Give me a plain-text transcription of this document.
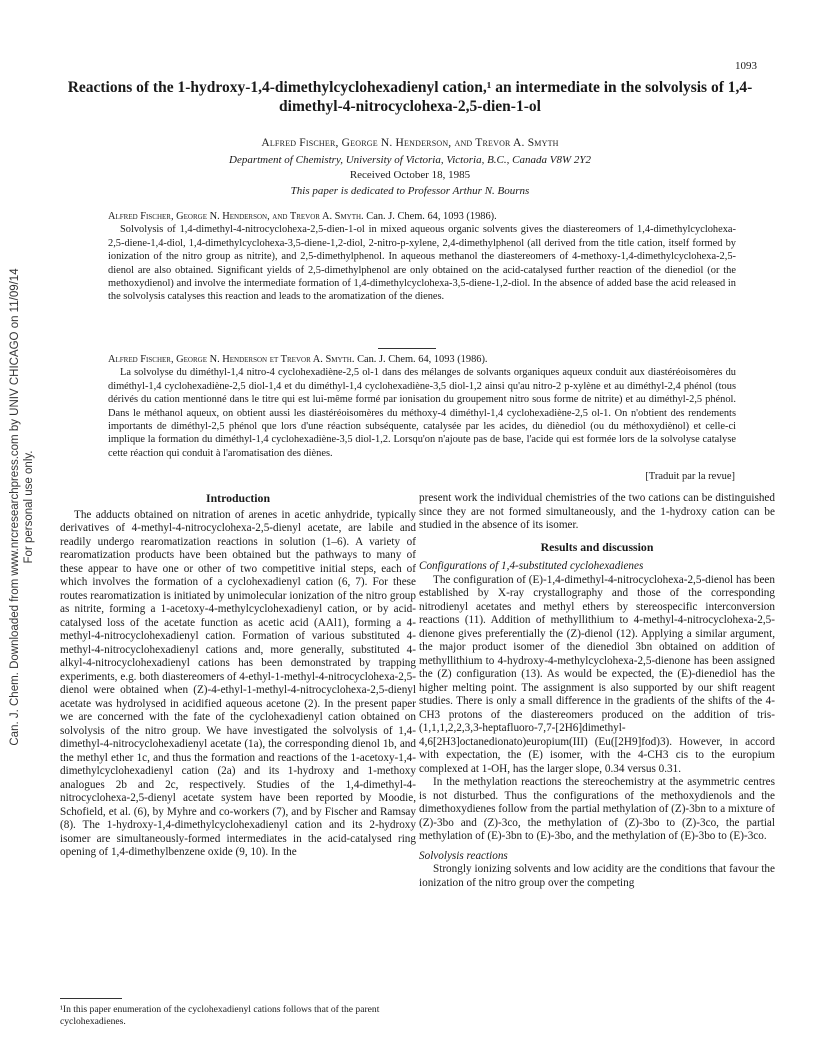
Can. J. Chem. Downloaded from www.nrcresearchpress.com by UNIV CHICAGO on 11/09/14 For personal use only.
1093
Reactions of the 1-hydroxy-1,4-dimethylcyclohexadienyl cation,¹ an intermediate in the solvolysis of 1,4-dimethyl-4-nitrocyclohexa-2,5-dien-1-ol
Alfred Fischer, George N. Henderson, and Trevor A. Smyth
Department of Chemistry, University of Victoria, Victoria, B.C., Canada V8W 2Y2
Received October 18, 1985
This paper is dedicated to Professor Arthur N. Bourns
Alfred Fischer, George N. Henderson, and Trevor A. Smyth. Can. J. Chem. 64, 1093 (1986).

Solvolysis of 1,4-dimethyl-4-nitrocyclohexa-2,5-dien-1-ol in mixed aqueous organic solvents gives the diastereomers of 1,4-dimethylcyclohexa-2,5-diene-1,4-diol, 1,4-dimethylcyclohexa-3,5-diene-1,2-diol, 2-nitro-p-xylene, 2,4-dimethylphenol (all derived from the title cation, itself formed by ionization of the nitro group as nitrite), and 2,5-dimethylphenol. In aqueous methanol the diastereomers of 4-methoxy-1,4-dimethylcyclohexa-2,5-dienol are also obtained. Significant yields of 2,5-dimethylphenol are only obtained on the acid-catalysed further reaction of the dienediol (or the methoxydienol) and involve the intermediate formation of 1,4-dimethylcyclohexa-3,5-diene-1,2-diol. In the absence of added base the acid released in the solvolysis catalyses this reaction and leads to the aromatization of the dienes.

Alfred Fischer, George N. Henderson et Trevor A. Smyth. Can. J. Chem. 64, 1093 (1986).

La solvolyse du diméthyl-1,4 nitro-4 cyclohexadiène-2,5 ol-1 dans des mélanges de solvants organiques aqueux conduit aux diastéréoisomères du diméthyl-1,4 cyclohexadiène-2,5 diol-1,4 et du diméthyl-1,4 cyclohexadiène-3,5 diol-1,2 ainsi qu'au nitro-2 p-xylène et au diméthyl-2,4 phénol (tous dérivés du cation mentionné dans le titre qui est lui-même formé par ionisation du groupement nitro sous forme de nitrite) et au diméthyl-2,5 phénol. Dans le méthanol aqueux, on obtient aussi les diastéréoisomères du méthoxy-4 diméthyl-1,4 cyclohexadiène-2,5 ol-1. On n'obtient des rendements importants de diméthyl-2,5 phénol que lors d'une réaction subséquente, catalysée par les acides, du diènediol (ou du méthoxydiènol) et celle-ci implique la formation du diméthyl-1,4 cyclohexadiène-3,5 diol-1,2. Lorsqu'on n'ajoute pas de base, l'acide qui est formée lors de la solvolyse catalyse cette réaction qui conduit à l'aromatisation des diènes.

[Traduit par la revue]
Introduction

The adducts obtained on nitration of arenes in acetic anhydride, typically derivatives of 4-methyl-4-nitrocyclohexa-2,5-dienyl acetate, are labile and readily undergo rearomatization reactions in solution (1–6). A variety of rearomatization products have been obtained but the pathways to many of these appear to have one or other of two competitive initial steps, each of which involves the formation of a cyclohexadienyl cation (6, 7). For these routes rearomatization is initiated by unimolecular ionization of the nitro group as nitrite, forming a 1-acetoxy-4-methylcyclohexadienyl cation, or by acid-catalysed loss of the acetate function as acetic acid (AAl1), forming a 4-methyl-4-nitrocyclohexadienyl cation. Formation of various substituted 4-methyl-4-nitrocyclohexadienyl cations and, more generally, substituted 4-alkyl-4-nitrocyclohexadienyl cations has been demonstrated by trapping experiments, e.g. both diastereomers of 4-ethyl-1-methyl-4-nitrocyclohexa-2,5-dienol were obtained when (Z)-4-ethyl-1-methyl-4-nitrocyclohexa-2,5-dienyl acetate was hydrolysed in acidified aqueous acetone (2). In the present paper we are concerned with the fate of the cyclohexadienyl cation obtained on solvolysis of the nitro group. We have investigated the solvolysis of 1,4-dimethyl-4-nitrocyclohexadienyl acetate (1a), the corresponding dienol 1b, and the methyl ether 1c, and thus the formation and reactions of the 1-acetoxy-1,4-dimethylcyclohexadienyl cation (2a) and its 1-hydroxy and 1-methoxy analogues 2b and 2c, respectively. Studies of the 1,4-dimethyl-4-nitrocyclohexa-2,5-dienyl acetate system have been reported by Moodie, Schofield, et al. (6), by Myhre and co-workers (7), and by Fischer and Ramsay (8). The 1-hydroxy-1,4-dimethylcyclohexadienyl cation and its 2-hydroxy isomer are simultaneously-formed intermediates in the acid-catalysed ring opening of 1,4-dimethylbenzene oxide (9, 10). In the

present work the individual chemistries of the two cations can be distinguished since they are not formed simultaneously, and the 1-hydroxy cation can be studied in the absence of its isomer.

Results and discussion
Configurations of 1,4-substituted cyclohexadienes

The configuration of (E)-1,4-dimethyl-4-nitrocyclohexa-2,5-dienol has been established by X-ray crystallography and those of the corresponding nitrodienyl acetates and methyl ethers by stereospecific interconversion reactions (11). Addition of methyllithium to 4-methyl-4-nitrocyclohexa-2,5-dienone gives preferentially the (Z)-dienol (12). Applying a similar argument, the major product isomer of the dienediol 3bn obtained on addition of methyllithium to 4-hydroxy-4-methylcyclohexa-2,5-dienone has been assigned the (Z) configuration (13). As would be expected, the (E)-dienediol has the higher melting point. The assignment is also supported by our shift reagent studies. There is only a small difference in the gradients of the shifts of the 4-CH3 protons of the diastereomers produced on the addition of tris-(1,1,1,2,2,3,3-heptafluoro-7,7-[2H6]dimethyl-4,6[2H3]octanedionato)europium(III) (Eu([2H9]fod)3). However, in accord with expectation, the (E) isomer, with the 4-CH3 cis to the europium complexed at 1-OH, has the larger slope, 0.34 versus 0.31.

In the methylation reactions the stereochemistry at the asymmetric centres is not disturbed. Thus the configurations of the methoxydienols and the dimethoxydienes follow from the partial methylation of (Z)-3bn to a mixture of (Z)-3bo and (Z)-3co, the methylation of (Z)-3bo to (Z)-3co, the partial methylation of (E)-3bn to (E)-3bo, and the methylation of (E)-3bo to (E)-3co.

Solvolysis reactions

Strongly ionizing solvents and low acidity are the conditions that favour the ionization of the nitro group over the competing

¹In this paper enumeration of the cyclohexadienyl cations follows that of the parent cyclohexadienes.
